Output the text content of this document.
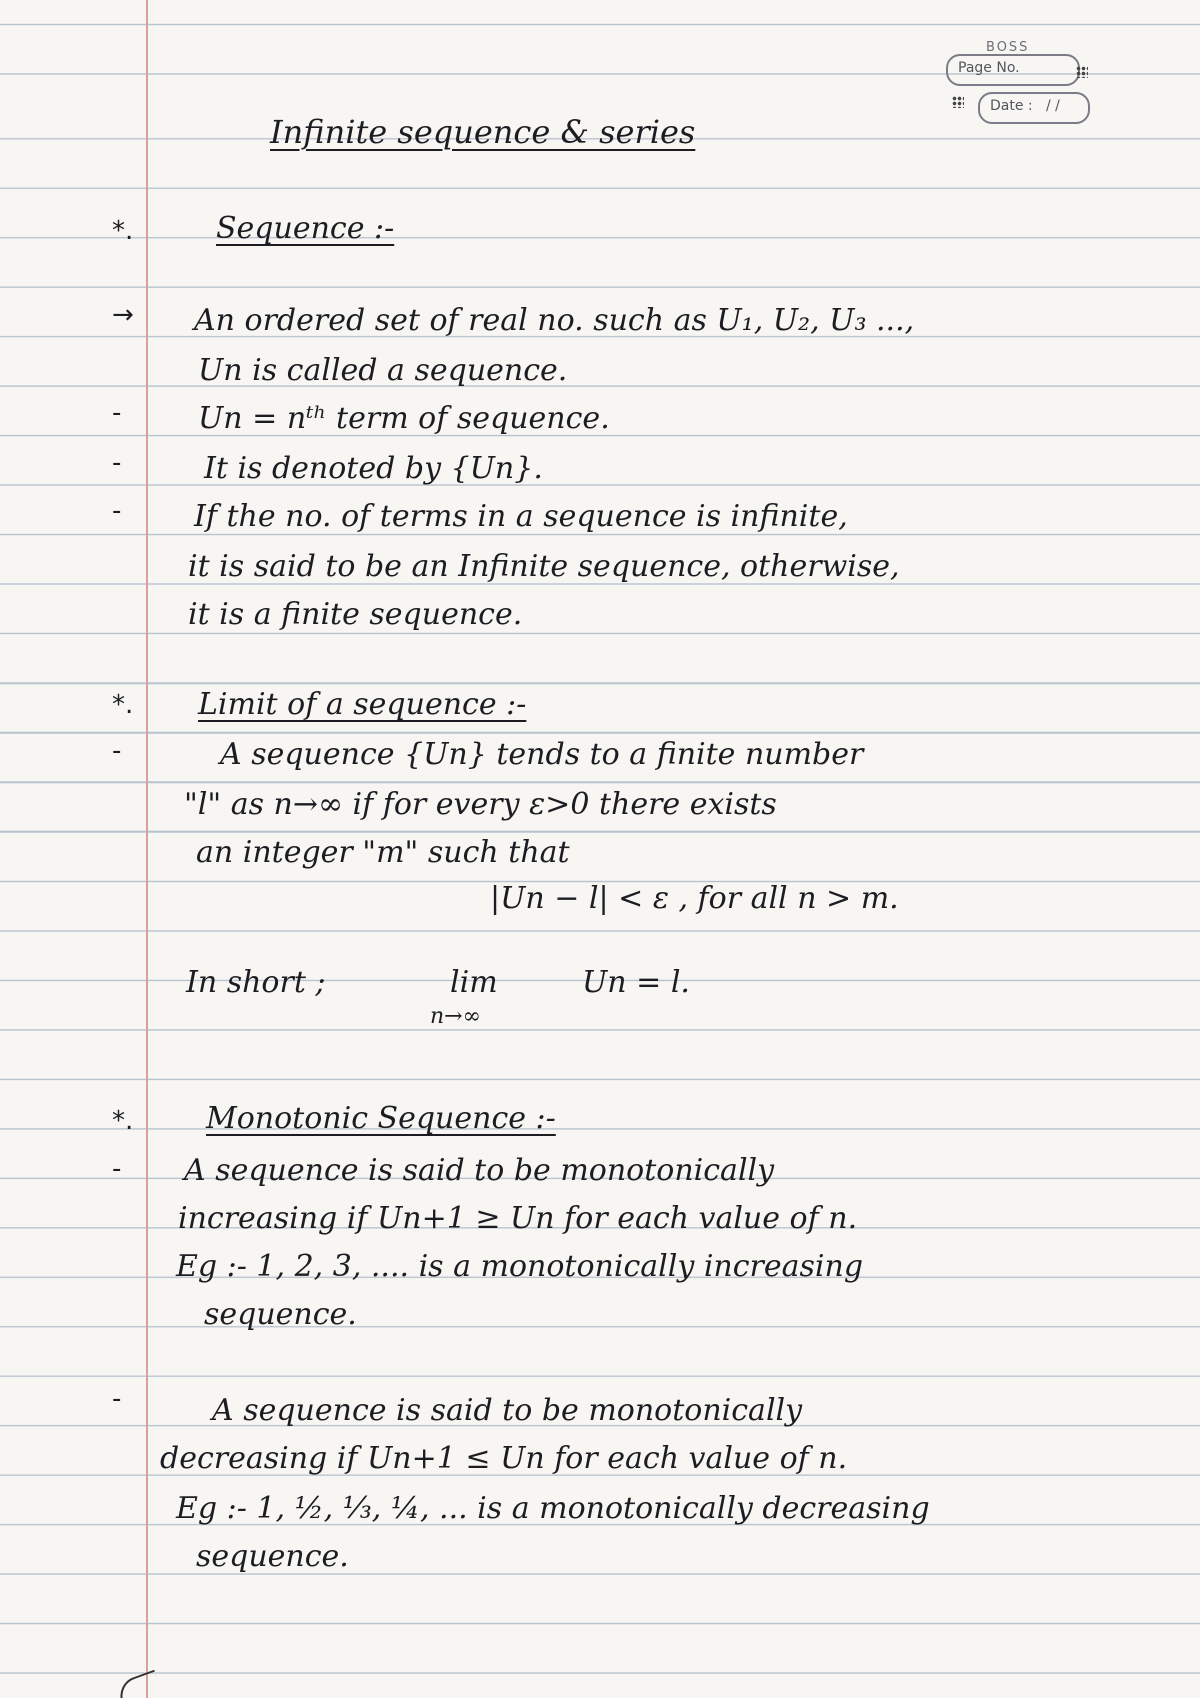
BOSS
Page No.
Date : / /
Infinite sequence & series
*.	Sequence :-
→ An ordered set of real no. such as U₁, U₂, U₃ ...,
Un is called a sequence.
-	Un = nᵗʰ term of sequence.
-	It is denoted by {Un}.
- If the no. of terms in a sequence is infinite,
it is said to be an Infinite sequence, otherwise,
it is a finite sequence.
*. Limit of a sequence :-
-	A sequence {Un} tends to a finite number
"l" as n→∞ if for every ε>0 there exists
an integer "m" such that
|Un − l| < ε , for all n > m.
In short ;	lim	Un = l.
n→∞
*. Monotonic Sequence :-
- A sequence is said to be monotonically
increasing if Un+1 ≥ Un for each value of n.
Eg :- 1, 2, 3, .... is a monotonically increasing
sequence.
-	A sequence is said to be monotonically
decreasing if Un+1 ≤ Un for each value of n.
Eg :- 1, ½, ⅓, ¼, ... is a monotonically decreasing
sequence.
